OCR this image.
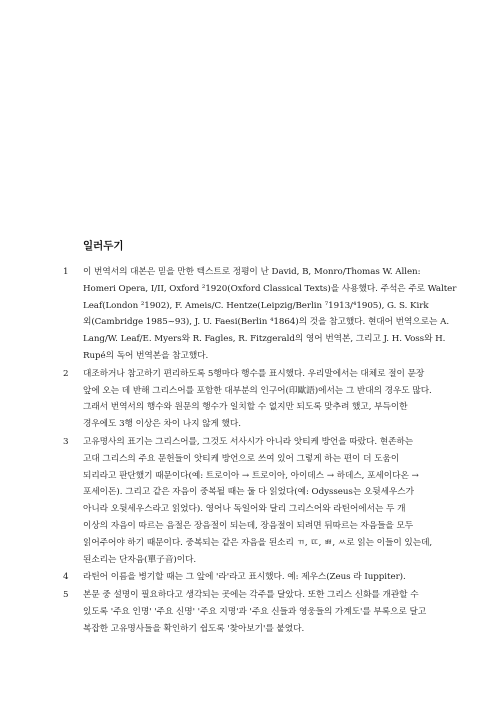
일러두기
1 이 번역서의 대본은 믿을 만한 텍스트로 정평이 난 David, B, Monro/Thomas W. Allen:
Homeri Opera, I/II, Oxford ²1920(Oxford Classical Texts)을 사용했다. 주석은 주로 Walter
Leaf(London ²1902), F. Ameis/C. Hentze(Leipzig/Berlin ⁷1913/⁴1905), G. S. Kirk
외(Cambridge 1985~93), J. U. Faesi(Berlin ⁴1864)의 것을 참고했다. 현대어 번역으로는 A.
Lang/W. Leaf/E. Myers와 R. Fagles, R. Fitzgerald의 영어 번역본, 그리고 J. H. Voss와 H.
Rupé의 독어 번역본을 참고했다.
2 대조하거나 참고하기 편리하도록 5행마다 행수를 표시했다. 우리말에서는 대체로 절이 문장
앞에 오는 데 반해 그리스어를 포함한 대부분의 인구어(印歐語)에서는 그 반대의 경우도 많다.
그래서 번역서의 행수와 원문의 행수가 일치할 수 없지만 되도록 맞추려 했고, 부득이한
경우에도 3행 이상은 차이 나지 않게 했다.
3 고유명사의 표기는 그리스어를, 그것도 서사시가 아니라 앗티케 방언을 따랐다. 현존하는
고대 그리스의 주요 문헌들이 앗티케 방언으로 쓰여 있어 그렇게 하는 편이 더 도움이
되리라고 판단했기 때문이다(예: 트로이아 → 트로이아, 아이데스 → 하데스, 포세이다온 →
포세이돈). 그리고 같은 자음이 중복될 때는 둘 다 읽었다(예: Odysseus는 오뒷세우스가
아니라 오뒷세우스라고 읽었다). 영어나 독일어와 달리 그리스어와 라틴어에서는 두 개
이상의 자음이 따르는 음절은 장음절이 되는데, 장음절이 되려면 뒤따르는 자음들을 모두
읽어주어야 하기 때문이다. 중복되는 같은 자음을 된소리 ㄲ, ㄸ, ㅃ, ㅆ로 읽는 이들이 있는데,
된소리는 단자음(單子音)이다.
4 라틴어 이름을 병기할 때는 그 앞에 '라'라고 표시했다. 예: 제우스(Zeus 라 Iuppiter).
5 본문 중 설명이 필요하다고 생각되는 곳에는 각주를 달았다. 또한 그리스 신화를 개관할 수
있도록 '주요 인명' '주요 신명' '주요 지명'과 '주요 신들과 영웅들의 가계도'를 부록으로 달고
복잡한 고유명사들을 확인하기 쉽도록 '찾아보기'를 붙였다.
